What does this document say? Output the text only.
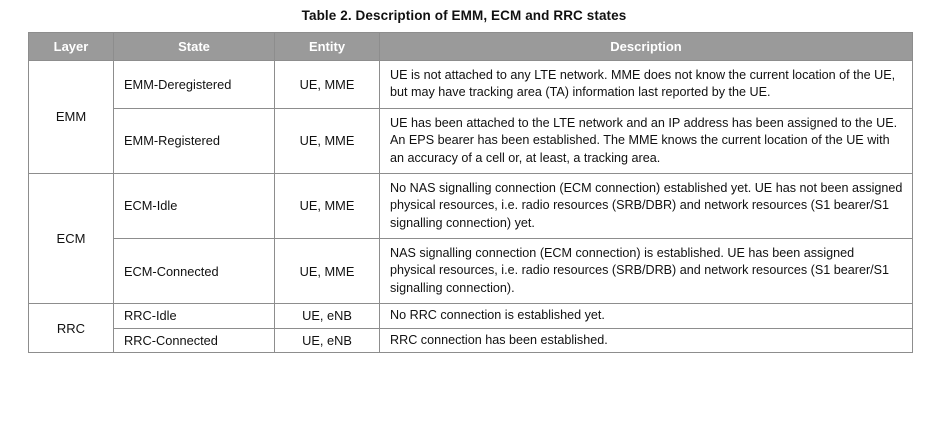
Table 2. Description of EMM, ECM and RRC states
Layer	State	Entity	Description
EMM	EMM-Deregistered	UE, MME	UE is not attached to any LTE network. MME does not know the current location of the UE, but may have tracking area (TA) information last reported by the UE.
	EMM-Registered	UE, MME	UE has been attached to the LTE network and an IP address has been assigned to the UE. An EPS bearer has been established. The MME knows the current location of the UE with an accuracy of a cell or, at least, a tracking area.
ECM	ECM-Idle	UE, MME	No NAS signalling connection (ECM connection) established yet. UE has not been assigned physical resources, i.e. radio resources (SRB/DBR) and network resources (S1 bearer/S1 signalling connection) yet.
	ECM-Connected	UE, MME	NAS signalling connection (ECM connection) is established. UE has been assigned physical resources, i.e. radio resources (SRB/DRB) and network resources (S1 bearer/S1 signalling connection).
RRC	RRC-Idle	UE, eNB	No RRC connection is established yet.
	RRC-Connected	UE, eNB	RRC connection has been established.
